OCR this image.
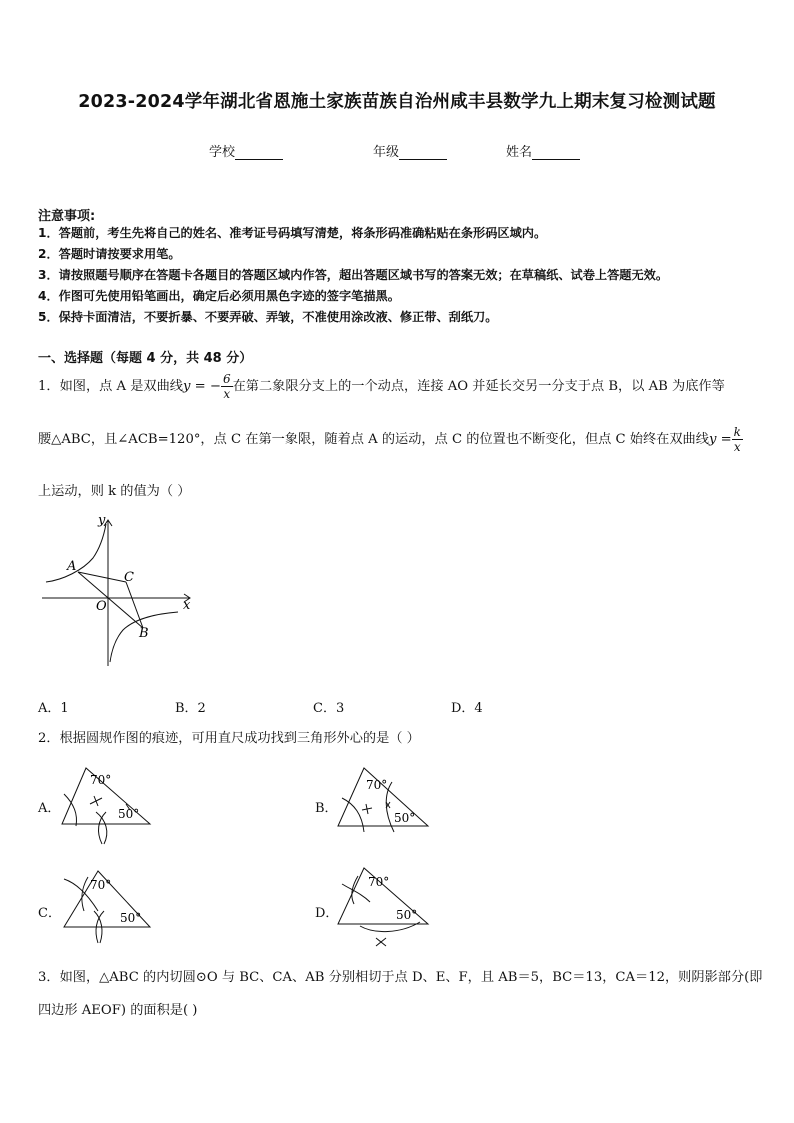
2023-2024学年湖北省恩施土家族苗族自治州咸丰县数学九上期末复习检测试题
学校	年级	姓名
注意事项:
1．答题前，考生先将自己的姓名、准考证号码填写清楚，将条形码准确粘贴在条形码区域内。
2．答题时请按要求用笔。
3．请按照题号顺序在答题卡各题目的答题区域内作答，超出答题区域书写的答案无效；在草稿纸、试卷上答题无效。
4．作图可先使用铅笔画出，确定后必须用黑色字迹的签字笔描黑。
5．保持卡面清洁，不要折暴、不要弄破、弄皱，不准使用涂改液、修正带、刮纸刀。
一、选择题（每题 4 分，共 48 分）
1．如图，点 A 是双曲线y = − $\frac{6}{x}$ 在第二象限分支上的一个动点，连接 AO 并延长交另一分支于点 B，以 AB 为底作等
腰△ABC，且∠ACB=120°，点 C 在第一象限，随着点 A 的运动，点 C 的位置也不断变化，但点 C 始终在双曲线$y = \frac{k}{x}$
上运动，则 k 的值为（ ）
y
x
O
A
B
C
A．1	B．2	C．3	D．4
2．根据圆规作图的痕迹，可用直尺成功找到三角形外心的是（ ）
A．
70°
50°	B．
70°
50°
C．
70°
50°	D．
70°
50°
3．如图，△ABC 的内切圆⊙O 与 BC、CA、AB 分别相切于点 D、E、F，且 AB＝5，BC＝13，CA＝12，则阴影部分(即
四边形 AEOF) 的面积是( )
